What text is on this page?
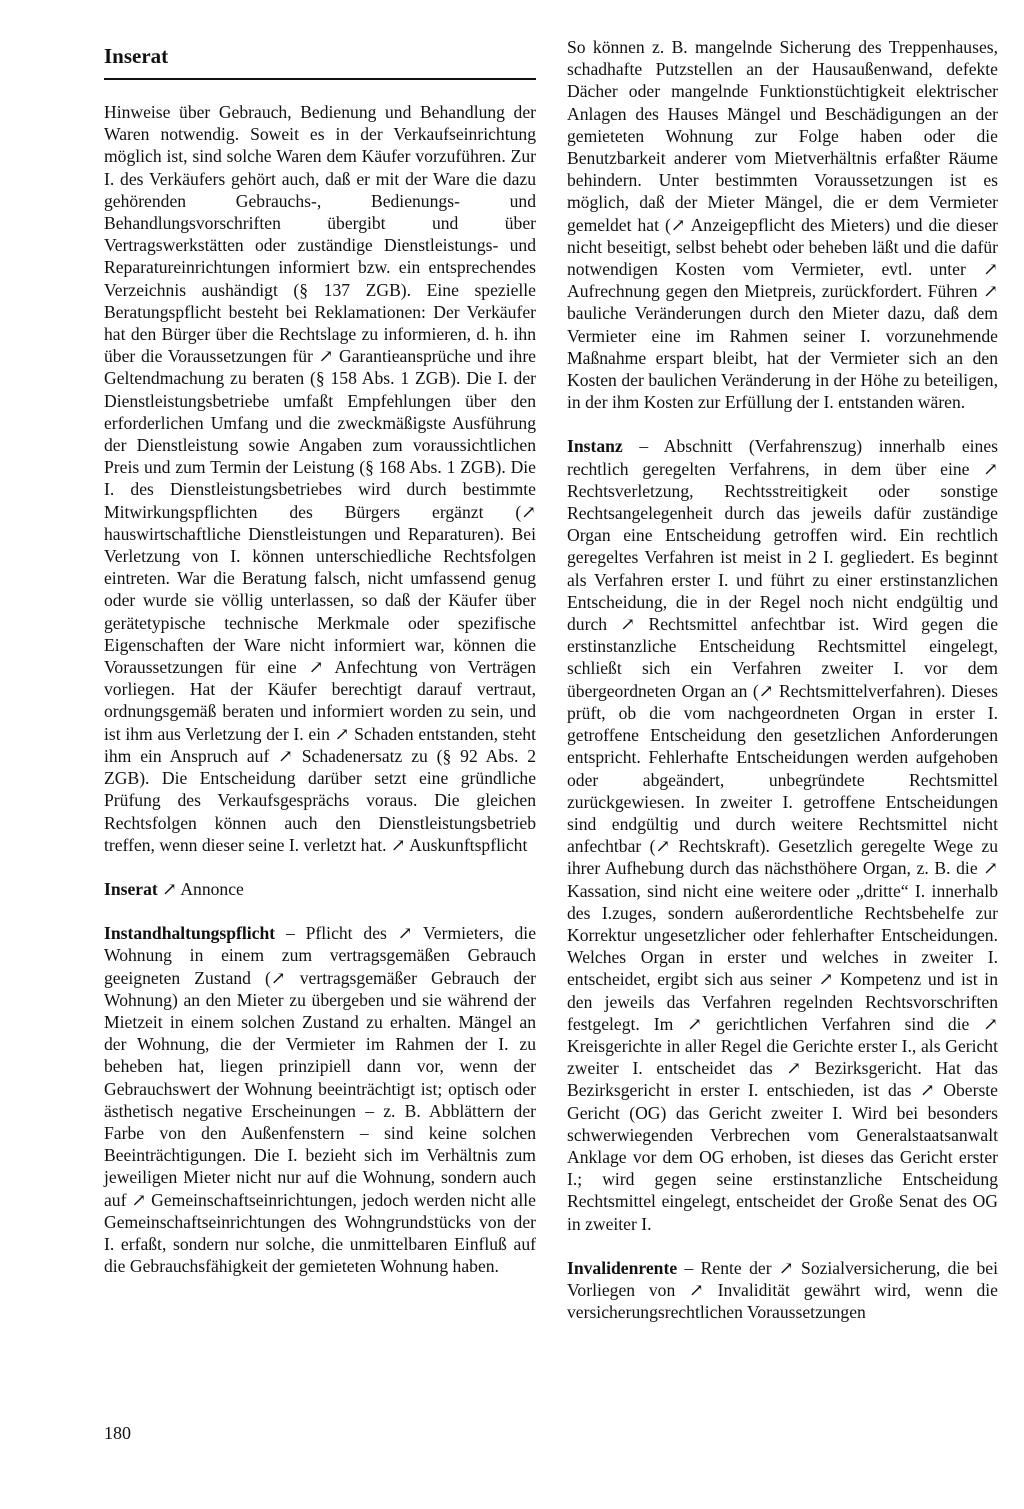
Inserat

Hinweise über Gebrauch, Bedienung und Behandlung der Waren notwendig. Soweit es in der Verkaufseinrichtung möglich ist, sind solche Waren dem Käufer vorzuführen. Zur I. des Verkäufers gehört auch, daß er mit der Ware die dazu gehörenden Gebrauchs-, Bedienungs- und Behandlungsvorschriften übergibt und über Vertragswerkstätten oder zuständige Dienstleistungs- und Reparatureinrichtungen informiert bzw. ein entsprechendes Verzeichnis aushändigt (§ 137 ZGB). Eine spezielle Beratungspflicht besteht bei Reklamationen: Der Verkäufer hat den Bürger über die Rechtslage zu informieren, d. h. ihn über die Voraussetzungen für ↗ Garantieansprüche und ihre Geltendmachung zu beraten (§ 158 Abs. 1 ZGB). Die I. der Dienstleistungsbetriebe umfaßt Empfehlungen über den erforderlichen Umfang und die zweckmäßigste Ausführung der Dienstleistung sowie Angaben zum voraussichtlichen Preis und zum Termin der Leistung (§ 168 Abs. 1 ZGB). Die I. des Dienstleistungsbetriebes wird durch bestimmte Mitwirkungspflichten des Bürgers ergänzt (↗ hauswirtschaftliche Dienstleistungen und Reparaturen). Bei Verletzung von I. können unterschiedliche Rechtsfolgen eintreten. War die Beratung falsch, nicht umfassend genug oder wurde sie völlig unterlassen, so daß der Käufer über gerätetypische technische Merkmale oder spezifische Eigenschaften der Ware nicht informiert war, können die Voraussetzungen für eine ↗ Anfechtung von Verträgen vorliegen. Hat der Käufer berechtigt darauf vertraut, ordnungsgemäß beraten und informiert worden zu sein, und ist ihm aus Verletzung der I. ein ↗ Schaden entstanden, steht ihm ein Anspruch auf ↗ Schadenersatz zu (§ 92 Abs. 2 ZGB). Die Entscheidung darüber setzt eine gründliche Prüfung des Verkaufsgesprächs voraus. Die gleichen Rechtsfolgen können auch den Dienstleistungsbetrieb treffen, wenn dieser seine I. verletzt hat. ↗ Auskunftspflicht

Inserat ↗ Annonce

Instandhaltungspflicht – Pflicht des ↗ Vermieters, die Wohnung in einem zum vertragsgemäßen Gebrauch geeigneten Zustand (↗ vertragsgemäßer Gebrauch der Wohnung) an den Mieter zu übergeben und sie während der Mietzeit in einem solchen Zustand zu erhalten. Mängel an der Wohnung, die der Vermieter im Rahmen der I. zu beheben hat, liegen prinzipiell dann vor, wenn der Gebrauchswert der Wohnung beeinträchtigt ist; optisch oder ästhetisch negative Erscheinungen – z. B. Abblättern der Farbe von den Außenfenstern – sind keine solchen Beeinträchtigungen. Die I. bezieht sich im Verhältnis zum jeweiligen Mieter nicht nur auf die Wohnung, sondern auch auf ↗ Gemeinschaftseinrichtungen, jedoch werden nicht alle Gemeinschaftseinrichtungen des Wohngrundstücks von der I. erfaßt, sondern nur solche, die unmittelbaren Einfluß auf die Gebrauchsfähigkeit der gemieteten Wohnung haben.

So können z. B. mangelnde Sicherung des Treppenhauses, schadhafte Putzstellen an der Hausaußenwand, defekte Dächer oder mangelnde Funktionstüchtigkeit elektrischer Anlagen des Hauses Mängel und Beschädigungen an der gemieteten Wohnung zur Folge haben oder die Benutzbarkeit anderer vom Mietverhältnis erfaßter Räume behindern. Unter bestimmten Voraussetzungen ist es möglich, daß der Mieter Mängel, die er dem Vermieter gemeldet hat (↗ Anzeigepflicht des Mieters) und die dieser nicht beseitigt, selbst behebt oder beheben läßt und die dafür notwendigen Kosten vom Vermieter, evtl. unter ↗ Aufrechnung gegen den Mietpreis, zurückfordert. Führen ↗ bauliche Veränderungen durch den Mieter dazu, daß dem Vermieter eine im Rahmen seiner I. vorzunehmende Maßnahme erspart bleibt, hat der Vermieter sich an den Kosten der baulichen Veränderung in der Höhe zu beteiligen, in der ihm Kosten zur Erfüllung der I. entstanden wären.

Instanz – Abschnitt (Verfahrenszug) innerhalb eines rechtlich geregelten Verfahrens, in dem über eine ↗ Rechtsverletzung, Rechtsstreitigkeit oder sonstige Rechtsangelegenheit durch das jeweils dafür zuständige Organ eine Entscheidung getroffen wird. Ein rechtlich geregeltes Verfahren ist meist in 2 I. gegliedert. Es beginnt als Verfahren erster I. und führt zu einer erstinstanzlichen Entscheidung, die in der Regel noch nicht endgültig und durch ↗ Rechtsmittel anfechtbar ist. Wird gegen die erstinstanzliche Entscheidung Rechtsmittel eingelegt, schließt sich ein Verfahren zweiter I. vor dem übergeordneten Organ an (↗ Rechtsmittelverfahren). Dieses prüft, ob die vom nachgeordneten Organ in erster I. getroffene Entscheidung den gesetzlichen Anforderungen entspricht. Fehlerhafte Entscheidungen werden aufgehoben oder abgeändert, unbegründete Rechtsmittel zurückgewiesen. In zweiter I. getroffene Entscheidungen sind endgültig und durch weitere Rechtsmittel nicht anfechtbar (↗ Rechtskraft). Gesetzlich geregelte Wege zu ihrer Aufhebung durch das nächsthöhere Organ, z. B. die ↗ Kassation, sind nicht eine weitere oder „dritte“ I. innerhalb des I.zuges, sondern außerordentliche Rechtsbehelfe zur Korrektur ungesetzlicher oder fehlerhafter Entscheidungen. Welches Organ in erster und welches in zweiter I. entscheidet, ergibt sich aus seiner ↗ Kompetenz und ist in den jeweils das Verfahren regelnden Rechtsvorschriften festgelegt. Im ↗ gerichtlichen Verfahren sind die ↗ Kreisgerichte in aller Regel die Gerichte erster I., als Gericht zweiter I. entscheidet das ↗ Bezirksgericht. Hat das Bezirksgericht in erster I. entschieden, ist das ↗ Oberste Gericht (OG) das Gericht zweiter I. Wird bei besonders schwerwiegenden Verbrechen vom Generalstaatsanwalt Anklage vor dem OG erhoben, ist dieses das Gericht erster I.; wird gegen seine erstinstanzliche Entscheidung Rechtsmittel eingelegt, entscheidet der Große Senat des OG in zweiter I.

Invalidenrente – Rente der ↗ Sozialversicherung, die bei Vorliegen von ↗ Invalidität gewährt wird, wenn die versicherungsrechtlichen Voraussetzungen

180
